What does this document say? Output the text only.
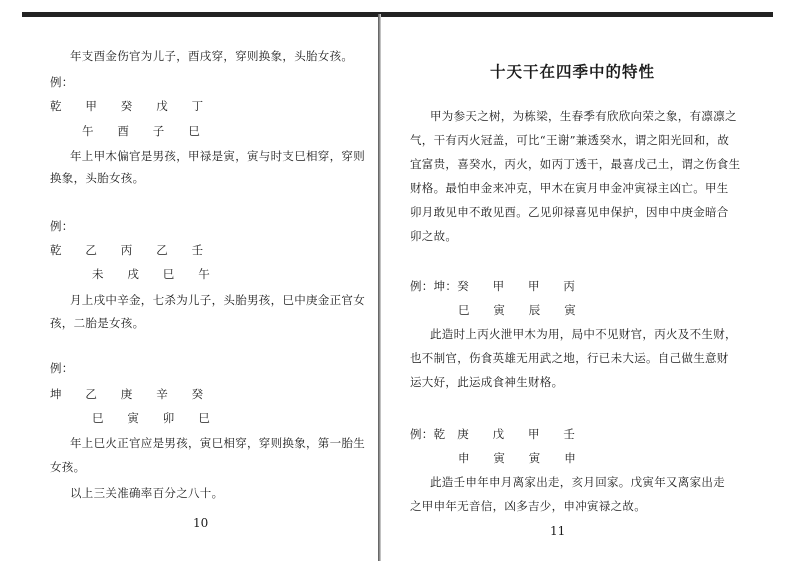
年支酉金伤官为儿子，酉戌穿，穿则换象，头胎女孩。
例：
乾　　甲　　癸　　戊　　丁
午　　酉　　子　　巳
年上甲木偏官是男孩，甲禄是寅，寅与时支巳相穿，穿则
换象，头胎女孩。
例：
乾　　乙　　丙　　乙　　壬
未　　戌　　巳　　午
月上戌中辛金，七杀为儿子，头胎男孩，巳中庚金正官女
孩，二胎是女孩。
例：
坤　　乙　　庚　　辛　　癸
巳　　寅　　卯　　巳
年上巳火正官应是男孩，寅巳相穿，穿则换象，第一胎生
女孩。
以上三关准确率百分之八十。
10
十天干在四季中的特性
甲为参天之树，为栋梁，生春季有欣欣向荣之象，有凛凛之
气，干有丙火冠盖，可比“王谢”兼透癸水，谓之阳光回和，故
宜富贵，喜癸水，丙火，如丙丁透干，最喜戊己土，谓之伤食生
财格。最怕申金来冲克，甲木在寅月申金冲寅禄主凶亡。甲生
卯月敢见申不敢见酉。乙见卯禄喜见申保护，因申中庚金暗合
卯之故。
例：坤：癸　　甲　　甲　　丙
巳　　寅　　辰　　寅
此造时上丙火泄甲木为用，局中不见财官，丙火及不生财，
也不制官，伤食英雄无用武之地，行已未大运。自己做生意财
运大好，此运成食神生财格。
例：乾　庚　　戊　　甲　　壬
申　　寅　　寅　　申
此造壬申年申月离家出走，亥月回家。戊寅年又离家出走
之甲申年无音信，凶多吉少，申冲寅禄之故。
11
